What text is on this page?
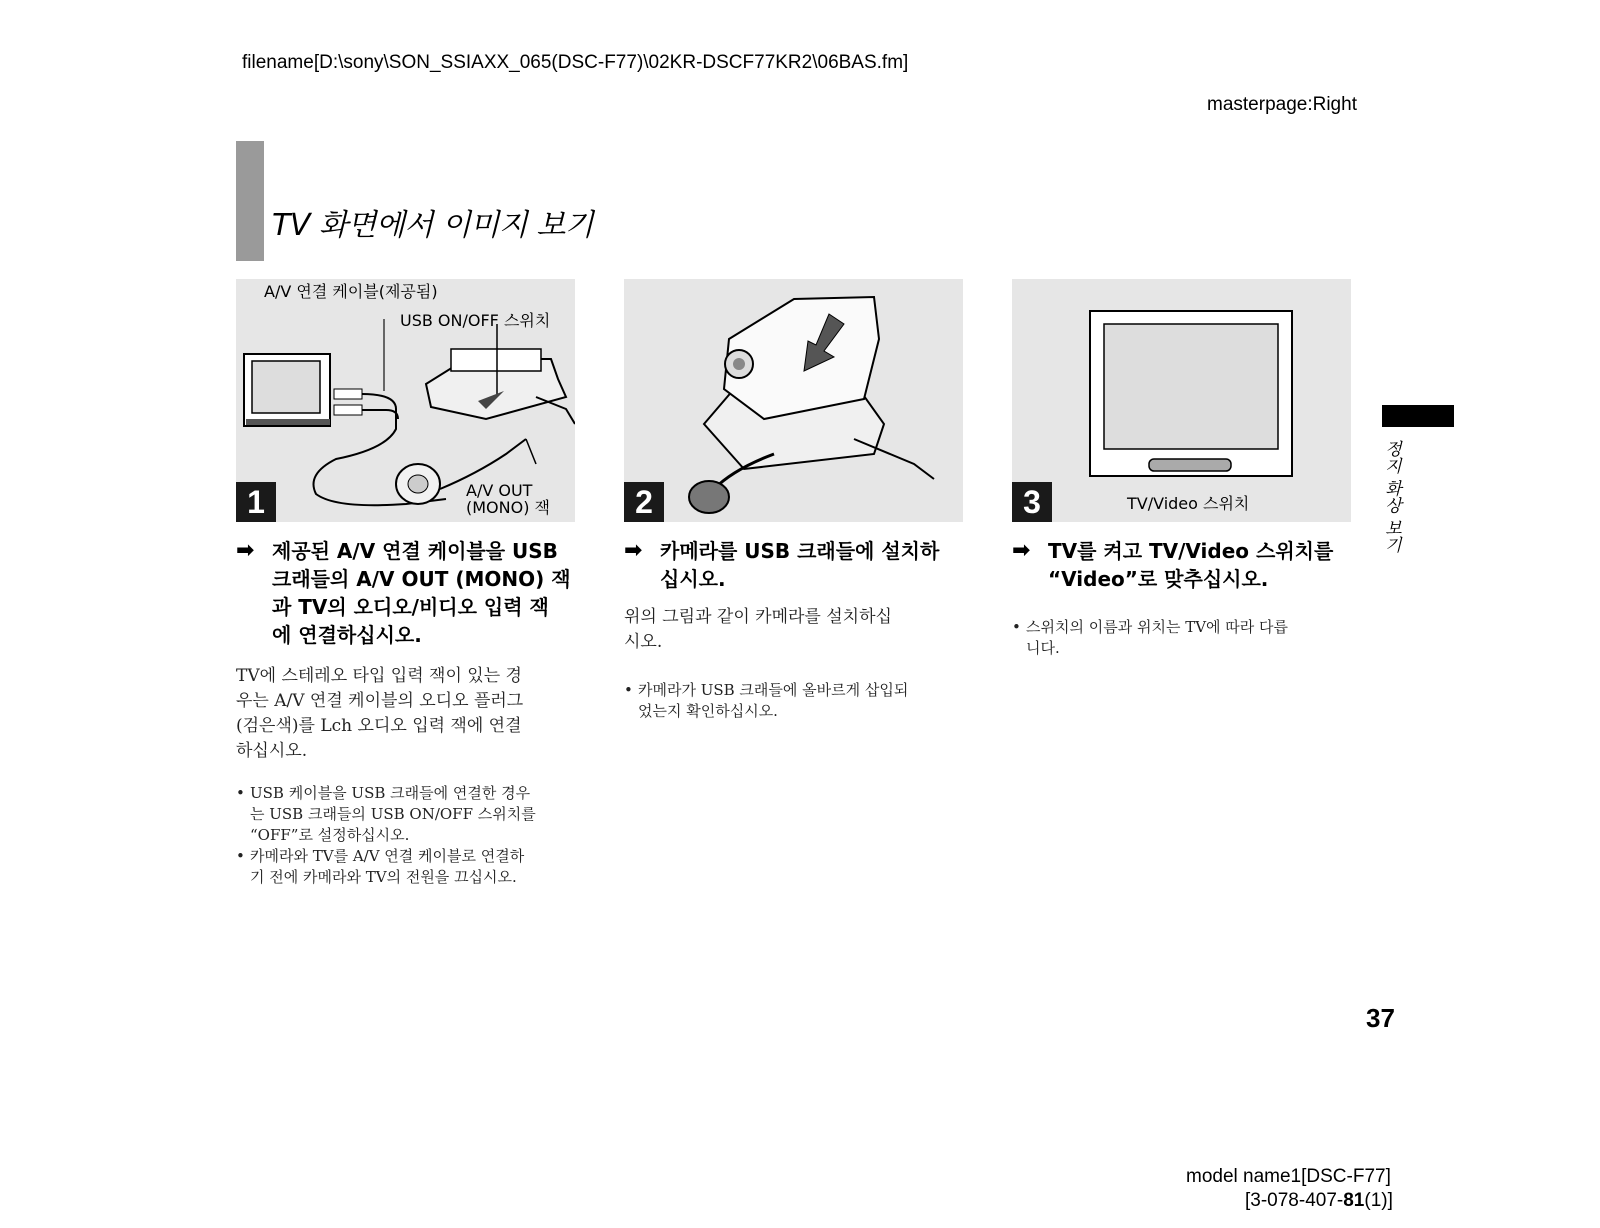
filename[D:\sony\SON_SSIAXX_065(DSC-F77)\02KR-DSCF77KR2\06BAS.fm]
masterpage:Right
TV 화면에서 이미지 보기
A/V 연결 케이블(제공됨)
USB ON/OFF 스위치
A/V OUT
(MONO) 잭
1	2	TV/Video 스위치
3
➡ 제공된 A/V 연결 케이블을 USB
크래들의 A/V OUT (MONO) 잭
과 TV의 오디오/비디오 입력 잭
에 연결하십시오.
TV에 스테레오 타입 입력 잭이 있는 경
우는 A/V 연결 케이블의 오디오 플러그
(검은색)를 Lch 오디오 입력 잭에 연결
하십시오.
• USB 케이블을 USB 크래들에 연결한 경우
는 USB 크래들의 USB ON/OFF 스위치를
“OFF”로 설정하십시오.
• 카메라와 TV를 A/V 연결 케이블로 연결하
기 전에 카메라와 TV의 전원을 끄십시오.
➡ 카메라를 USB 크래들에 설치하
십시오.
위의 그림과 같이 카메라를 설치하십
시오.
• 카메라가 USB 크래들에 올바르게 삽입되
었는지 확인하십시오.
➡ TV를 켜고 TV/Video 스위치를
“Video”로 맞추십시오.
• 스위치의 이름과 위치는 TV에 따라 다릅
니다.
정지 화상 보기
37
model name1[DSC-F77]
[3-078-407-81(1)]
